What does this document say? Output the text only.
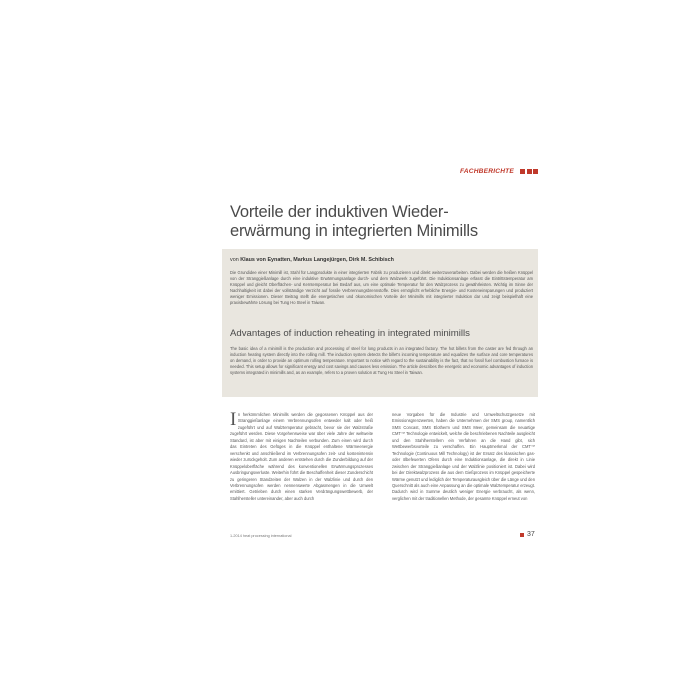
FACHBERICHTE
Vorteile der induktiven Wieder- erwärmung in integrierten Minimills
von Klaus von Eynatten, Markus Langejürgen, Dirk M. Schibisch
Die Grundidee einer Minimill ist, Stahl für Langprodukte in einer integrierten Fabrik zu produzieren und direkt weiterzuverarbeiten. Dabei werden die heißen Knüppel von der Stranggießanlage durch eine induktive Erwärmungsanlage durch- und dem Walzwerk zugeführt. Die Induktionsanlage erfasst die Eintrittstemperatur am Knüppel und gleicht Oberflächen- und Kerntemperatur bei Bedarf aus, um eine optimale Temperatur für den Walzprozess zu gewährleisten. Wichtig im Sinne der Nachhaltigkeit ist dabei der vollständige Verzicht auf fossile Verbrennungsbrennstoffe. Dies ermöglicht erhebliche Energie- und Kosteneinsparungen und produziert weniger Emissionen. Dieser Beitrag stellt die energetischen und ökonomischen Vorteile der Minimills mit integrierter Induktion dar und zeigt beispielhaft eine praxisbewährte Lösung bei Tung Ho Steel in Taiwan.
Advantages of induction reheating in integrated minimills
The basic idea of a minimill is the production and processing of steel for long products in an integrated factory. The hot billets from the caster are fed through an induction heating system directly into the rolling mill. The induction system detects the billet's incoming temperature and equalizes the surface and core temperatures on demand, in order to provide an optimum rolling temperature. Important to notice with regard to the sustainability is the fact, that no fossil fuel combustion furnace is needed. This setup allows for significant energy and cost savings and causes less emission. The article describes the energetic and economic advantages of induction systems integrated in minimills and, as an example, refers to a proven solution at Tung Ho Steel in Taiwan.
In herkömmlichen Minimills werden die gegossenen Knüppel aus der Stranggießanlage einem Verbrennungsofen entweder kalt oder heiß zugeführt und auf Walztemperatur gebracht, bevor sie der Walzstraße zugeführt werden. Diese Vorgehensweise war über viele Jahre der weltweite Standard, ist aber mit einigen Nachteilen verbunden. Zum einen wird durch das Eintreten des Gefüges in die Knüppel enthaltene Wärmeenergie verschenkt und anschließend im Verbrennungsofen zeit- und kostenintensiv wieder zurückgeholt. Zum anderen entstehen durch die Zunderbildung auf der Knüppeloberfläche während des konventionellen Erwärmungsprozesses Ausbringungsverluste. Weiterhin führt die Beschaffenheit dieser Zunderschicht zu geringeren Standzeiten der Walzen in der Walzlinie und durch den Verbrennungsofen werden nennenswerte Abgasmengen in die Umwelt emittiert. Getrieben durch einen starken Verdrängungswettbewerb, der Stahlhersteller untereinander, aber auch durch
neue Vorgaben für die Industrie und Umweltschutzgesetze mit Emissionsgrenzwerten, haben die Unternehmen der SMS group, namentlich SMS Concast, SMS Elotherm und SMS Meer, gemeinsam die neuartige CMT™ Technologie entwickelt, welche die beschriebenen Nachteile ausgleicht und den Stahlherstellern ein Verfahren an die Hand gibt, sich Wettbewerbsvorteile zu verschaffen. Ein Hauptmerkmal der CMT™ Technologie (Continuous Mill Technology) ist der Ersatz des klassischen gas- oder ölbefeuerten Ofens durch eine Induktionsanlage, die direkt in Linie zwischen der Stranggießanlage und der Walzlinie positioniert ist. Dabei wird bei der Direktwalzprozess die aus dem Gießprozess im Knüppel gespeicherte Wärme genutzt und lediglich der Temperaturausgleich über die Länge und den Querschnitt als auch eine Anpassung an die optimale Walztemperatur erzeugt. Dadurch wird in Summe deutlich weniger Energie verbraucht, als wenn, verglichen mit der traditionellen Methode, der gesamte Knüppel erneut von
1-2014 heat processing international	37
